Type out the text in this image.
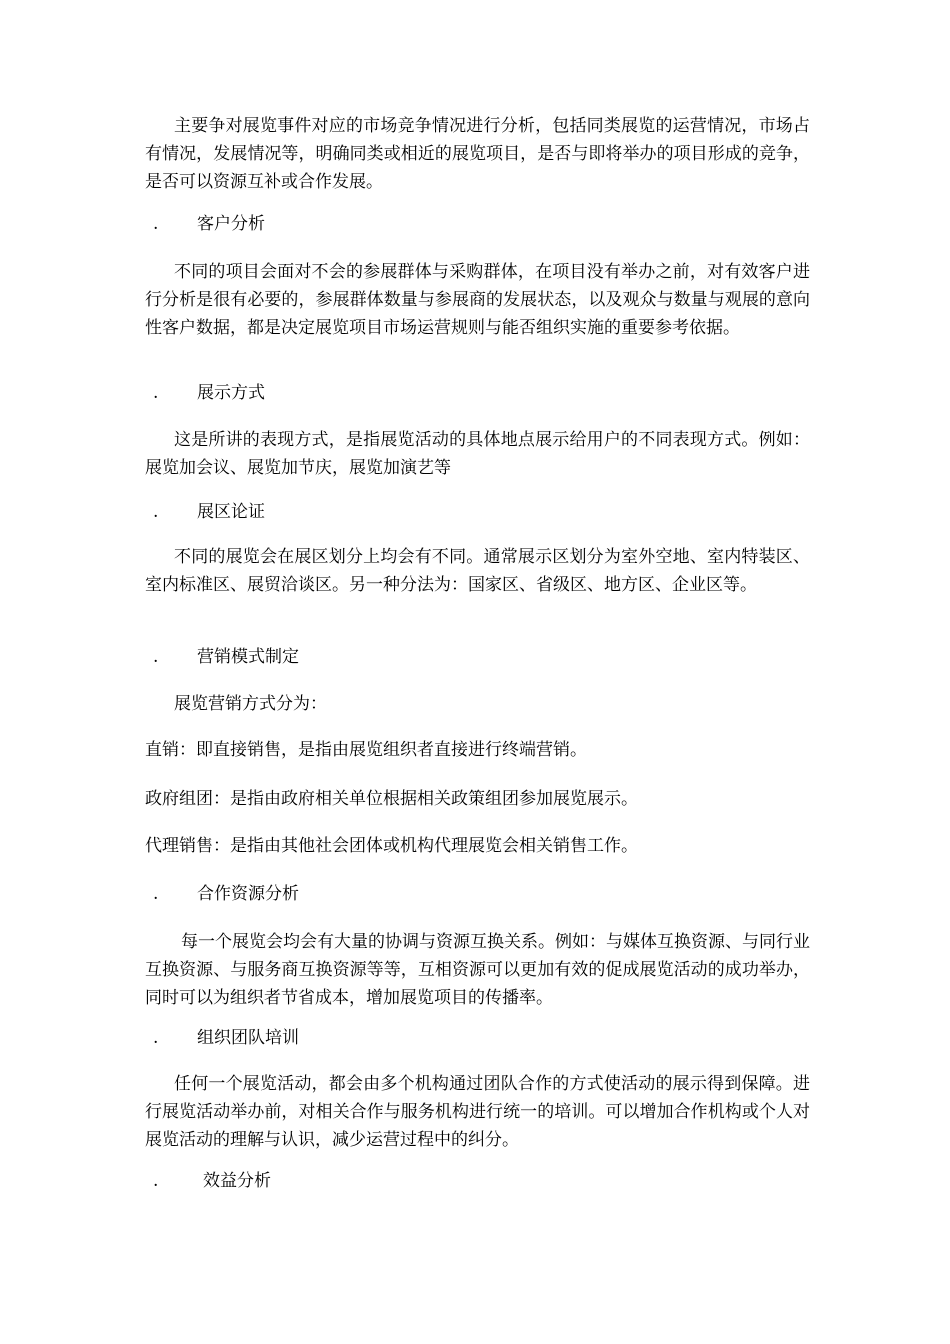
主要争对展览事件对应的市场竞争情况进行分析，包括同类展览的运营情况，市场占有情况，发展情况等，明确同类或相近的展览项目，是否与即将举办的项目形成的竞争，是否可以资源互补或合作发展。

. 客户分析

不同的项目会面对不会的参展群体与采购群体，在项目没有举办之前，对有效客户进行分析是很有必要的，参展群体数量与参展商的发展状态，以及观众与数量与观展的意向性客户数据，都是决定展览项目市场运营规则与能否组织实施的重要参考依据。

. 展示方式

这是所讲的表现方式，是指展览活动的具体地点展示给用户的不同表现方式。例如：展览加会议、展览加节庆，展览加演艺等

. 展区论证

不同的展览会在展区划分上均会有不同。通常展示区划分为室外空地、室内特装区、室内标准区、展贸洽谈区。另一种分法为：国家区、省级区、地方区、企业区等。

. 营销模式制定
展览营销方式分为：
直销：即直接销售，是指由展览组织者直接进行终端营销。
政府组团：是指由政府相关单位根据相关政策组团参加展览展示。
代理销售：是指由其他社会团体或机构代理展览会相关销售工作。
. 合作资源分析

每一个展览会均会有大量的协调与资源互换关系。例如：与媒体互换资源、与同行业互换资源、与服务商互换资源等等，互相资源可以更加有效的促成展览活动的成功举办，同时可以为组织者节省成本，增加展览项目的传播率。

. 组织团队培训

任何一个展览活动，都会由多个机构通过团队合作的方式使活动的展示得到保障。进行展览活动举办前，对相关合作与服务机构进行统一的培训。可以增加合作机构或个人对展览活动的理解与认识，减少运营过程中的纠分。

.	效益分析
